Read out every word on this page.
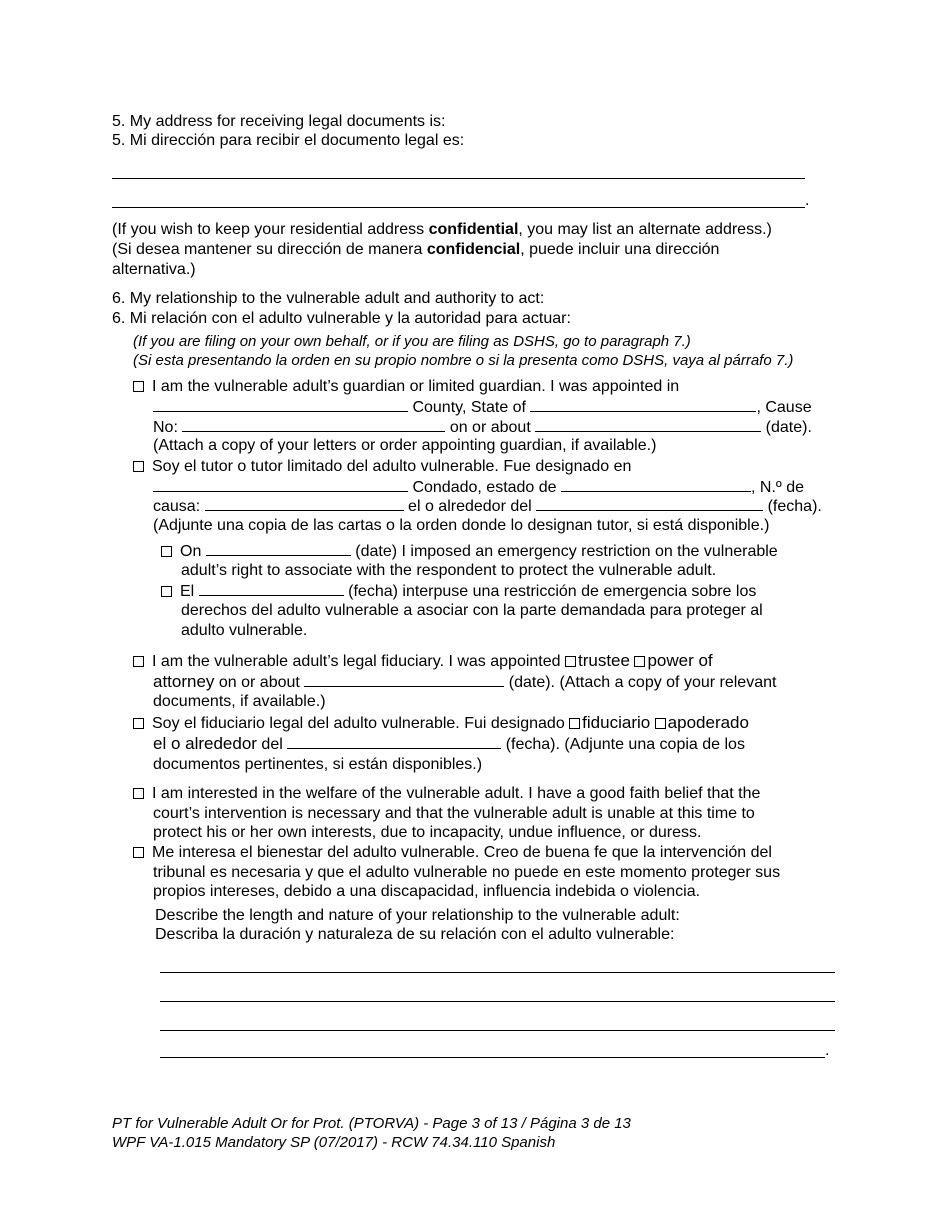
5. My address for receiving legal documents is:
5. Mi dirección para recibir el documento legal es:
.
(If you wish to keep your residential address confidential, you may list an alternate address.)
(Si desea mantener su dirección de manera confidencial, puede incluir una dirección
alternativa.)
6. My relationship to the vulnerable adult and authority to act:
6. Mi relación con el adulto vulnerable y la autoridad para actuar:
(If you are filing on your own behalf, or if you are filing as DSHS, go to paragraph 7.)
(Si esta presentando la orden en su propio nombre o si la presenta como DSHS, vaya al párrafo 7.)
I am the vulnerable adult’s guardian or limited guardian. I was appointed in
County, State of	, Cause
No:	on or about	(date).
(Attach a copy of your letters or order appointing guardian, if available.)
Soy el tutor o tutor limitado del adulto vulnerable. Fue designado en
Condado, estado de	, N.º de
causa:	el o alrededor del	(fecha).
(Adjunte una copia de las cartas o la orden donde lo designan tutor, si está disponible.)
On	(date) I imposed an emergency restriction on the vulnerable
adult’s right to associate with the respondent to protect the vulnerable adult.
El	(fecha) interpuse una restricción de emergencia sobre los
derechos del adulto vulnerable a asociar con la parte demandada para proteger al
adulto vulnerable.
I am the vulnerable adult’s legal fiduciary. I was appointed trustee power of
attorney on or about	(date). (Attach a copy of your relevant
documents, if available.)
Soy el fiduciario legal del adulto vulnerable. Fui designado fiduciario apoderado
el o alrededor del	(fecha). (Adjunte una copia de los
documentos pertinentes, si están disponibles.)
I am interested in the welfare of the vulnerable adult. I have a good faith belief that the
court’s intervention is necessary and that the vulnerable adult is unable at this time to
protect his or her own interests, due to incapacity, undue influence, or duress.
Me interesa el bienestar del adulto vulnerable. Creo de buena fe que la intervención del
tribunal es necesaria y que el adulto vulnerable no puede en este momento proteger sus
propios intereses, debido a una discapacidad, influencia indebida o violencia.
Describe the length and nature of your relationship to the vulnerable adult:
Describa la duración y naturaleza de su relación con el adulto vulnerable:
.
PT for Vulnerable Adult Or for Prot. (PTORVA) - Page 3 of 13 / Página 3 de 13
WPF VA-1.015 Mandatory SP (07/2017) - RCW 74.34.110 Spanish
